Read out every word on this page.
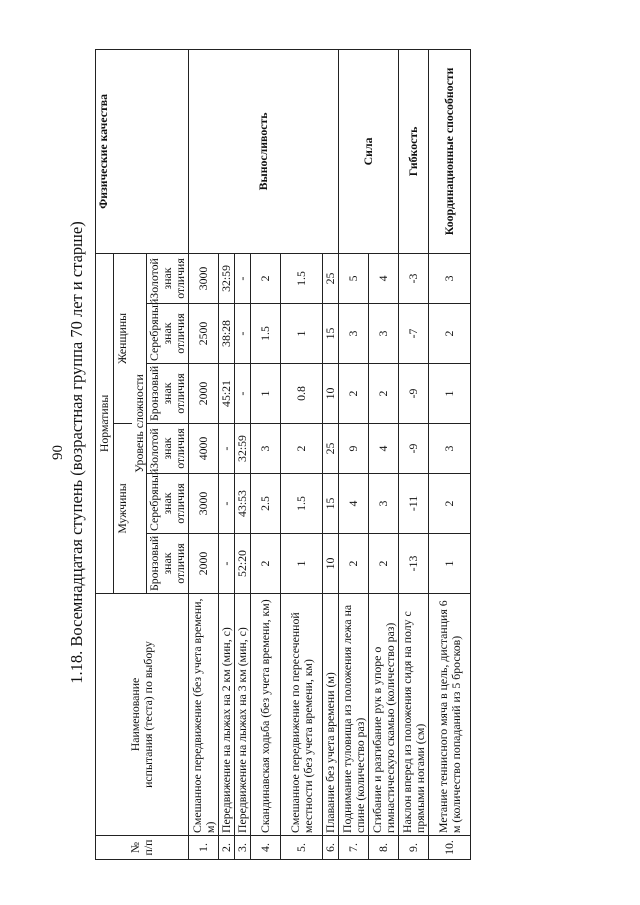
90 1.18. Восемнадцатая ступень (возрастная группа 70 лет и старше)
№ п/п	Наименование
испытания (теста) по выбору	Нормативы						Физические качества
		Мужчины			Женщины			
		Уровень сложности						
		Бронзовый знак отличия	Серебряный знак отличия	Золотой знак отличия	Бронзовый знак отличия	Серебряный знак отличия	Золотой знак отличия	
1.	Смешанное передвижение (без учета времени, м)	2000	3000	4000	2000	2500	3000	Выносливость
2.	Передвижение на лыжах на 2 км (мин, с)	-	-	-	45:21	38:28	32:59	
3.	Передвижение на лыжах на 3 км (мин, с)	52:20	43:53	32:59	-	-	-	
4.	Скандинавская ходьба (без учета времени, км)	2	2.5	3	1	1.5	2	
5.	Смешанное передвижение по пересеченной местности (без учета времени, км)	1	1.5	2	0.8	1	1.5	
6.	Плавание без учета времени (м)	10	15	25	10	15	25	
7.	Поднимание туловища из положения лежа на спине (количество раз)	2	4	9	2	3	5	Сила
8.	Сгибание и разгибание рук в упоре о гимнастическую скамью (количество раз)	2	3	4	2	3	4	
9.	Наклон вперед из положения сидя на полу с прямыми ногами (см)	-13	-11	-9	-9	-7	-3	Гибкость
10.	Метание теннисного мяча в цель, дистанция 6 м (количество попаданий из 5 бросков)	1	2	3	1	2	3	Координационные способности
